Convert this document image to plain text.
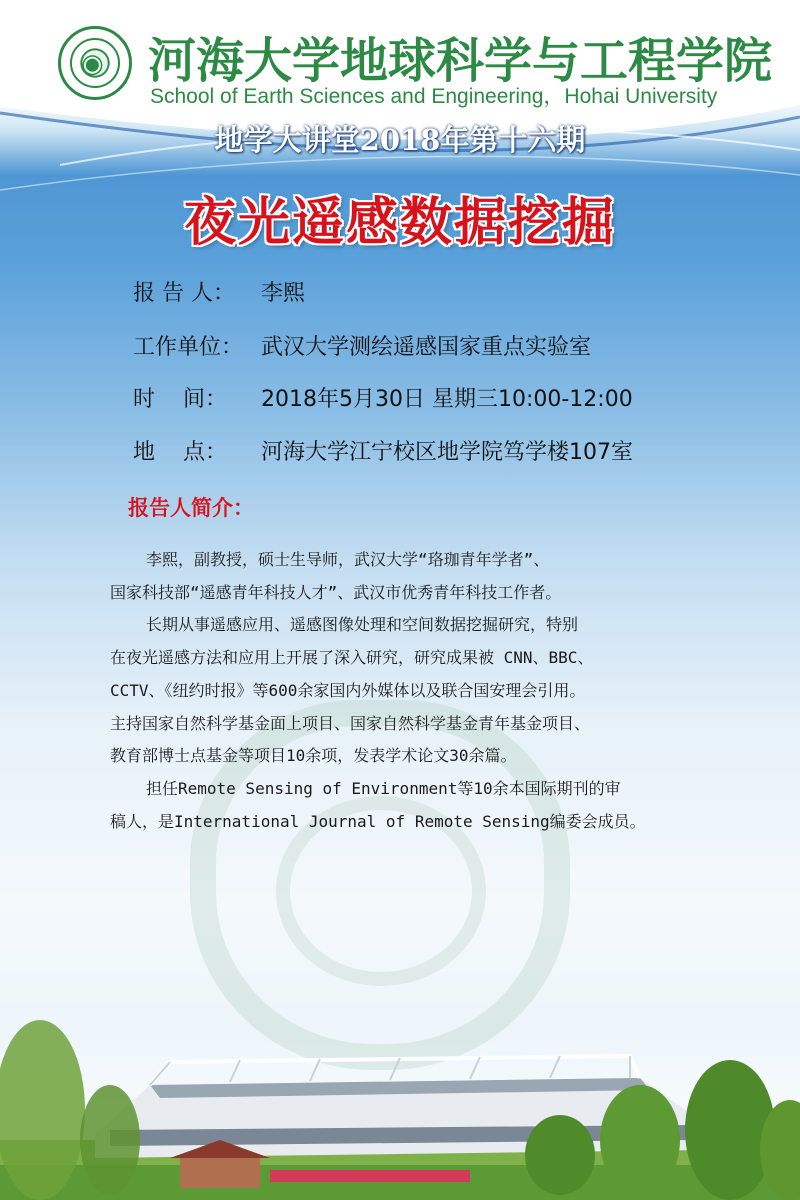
◉ 河海大学地球科学与工程学院
School of Earth Sciences and Engineering，Hohai University
地学大讲堂2018年第十六期
夜光遥感数据挖掘
报 告 人： 李熙
工作单位： 武汉大学测绘遥感国家重点实验室
时    间： 2018年5月30日 星期三10:00-12:00
地    点： 河海大学江宁校区地学院笃学楼107室
报告人简介：

李熙，副教授，硕士生导师，武汉大学“珞珈青年学者”、

国家科技部“遥感青年科技人才”、武汉市优秀青年科技工作者。

长期从事遥感应用、遥感图像处理和空间数据挖掘研究，特别

在夜光遥感方法和应用上开展了深入研究，研究成果被 CNN、BBC、

CCTV、《纽约时报》等600余家国内外媒体以及联合国安理会引用。

主持国家自然科学基金面上项目、国家自然科学基金青年基金项目、

教育部博士点基金等项目10余项，发表学术论文30余篇。

担任Remote Sensing of Environment等10余本国际期刊的审

稿人，是International Journal of Remote Sensing编委会成员。
